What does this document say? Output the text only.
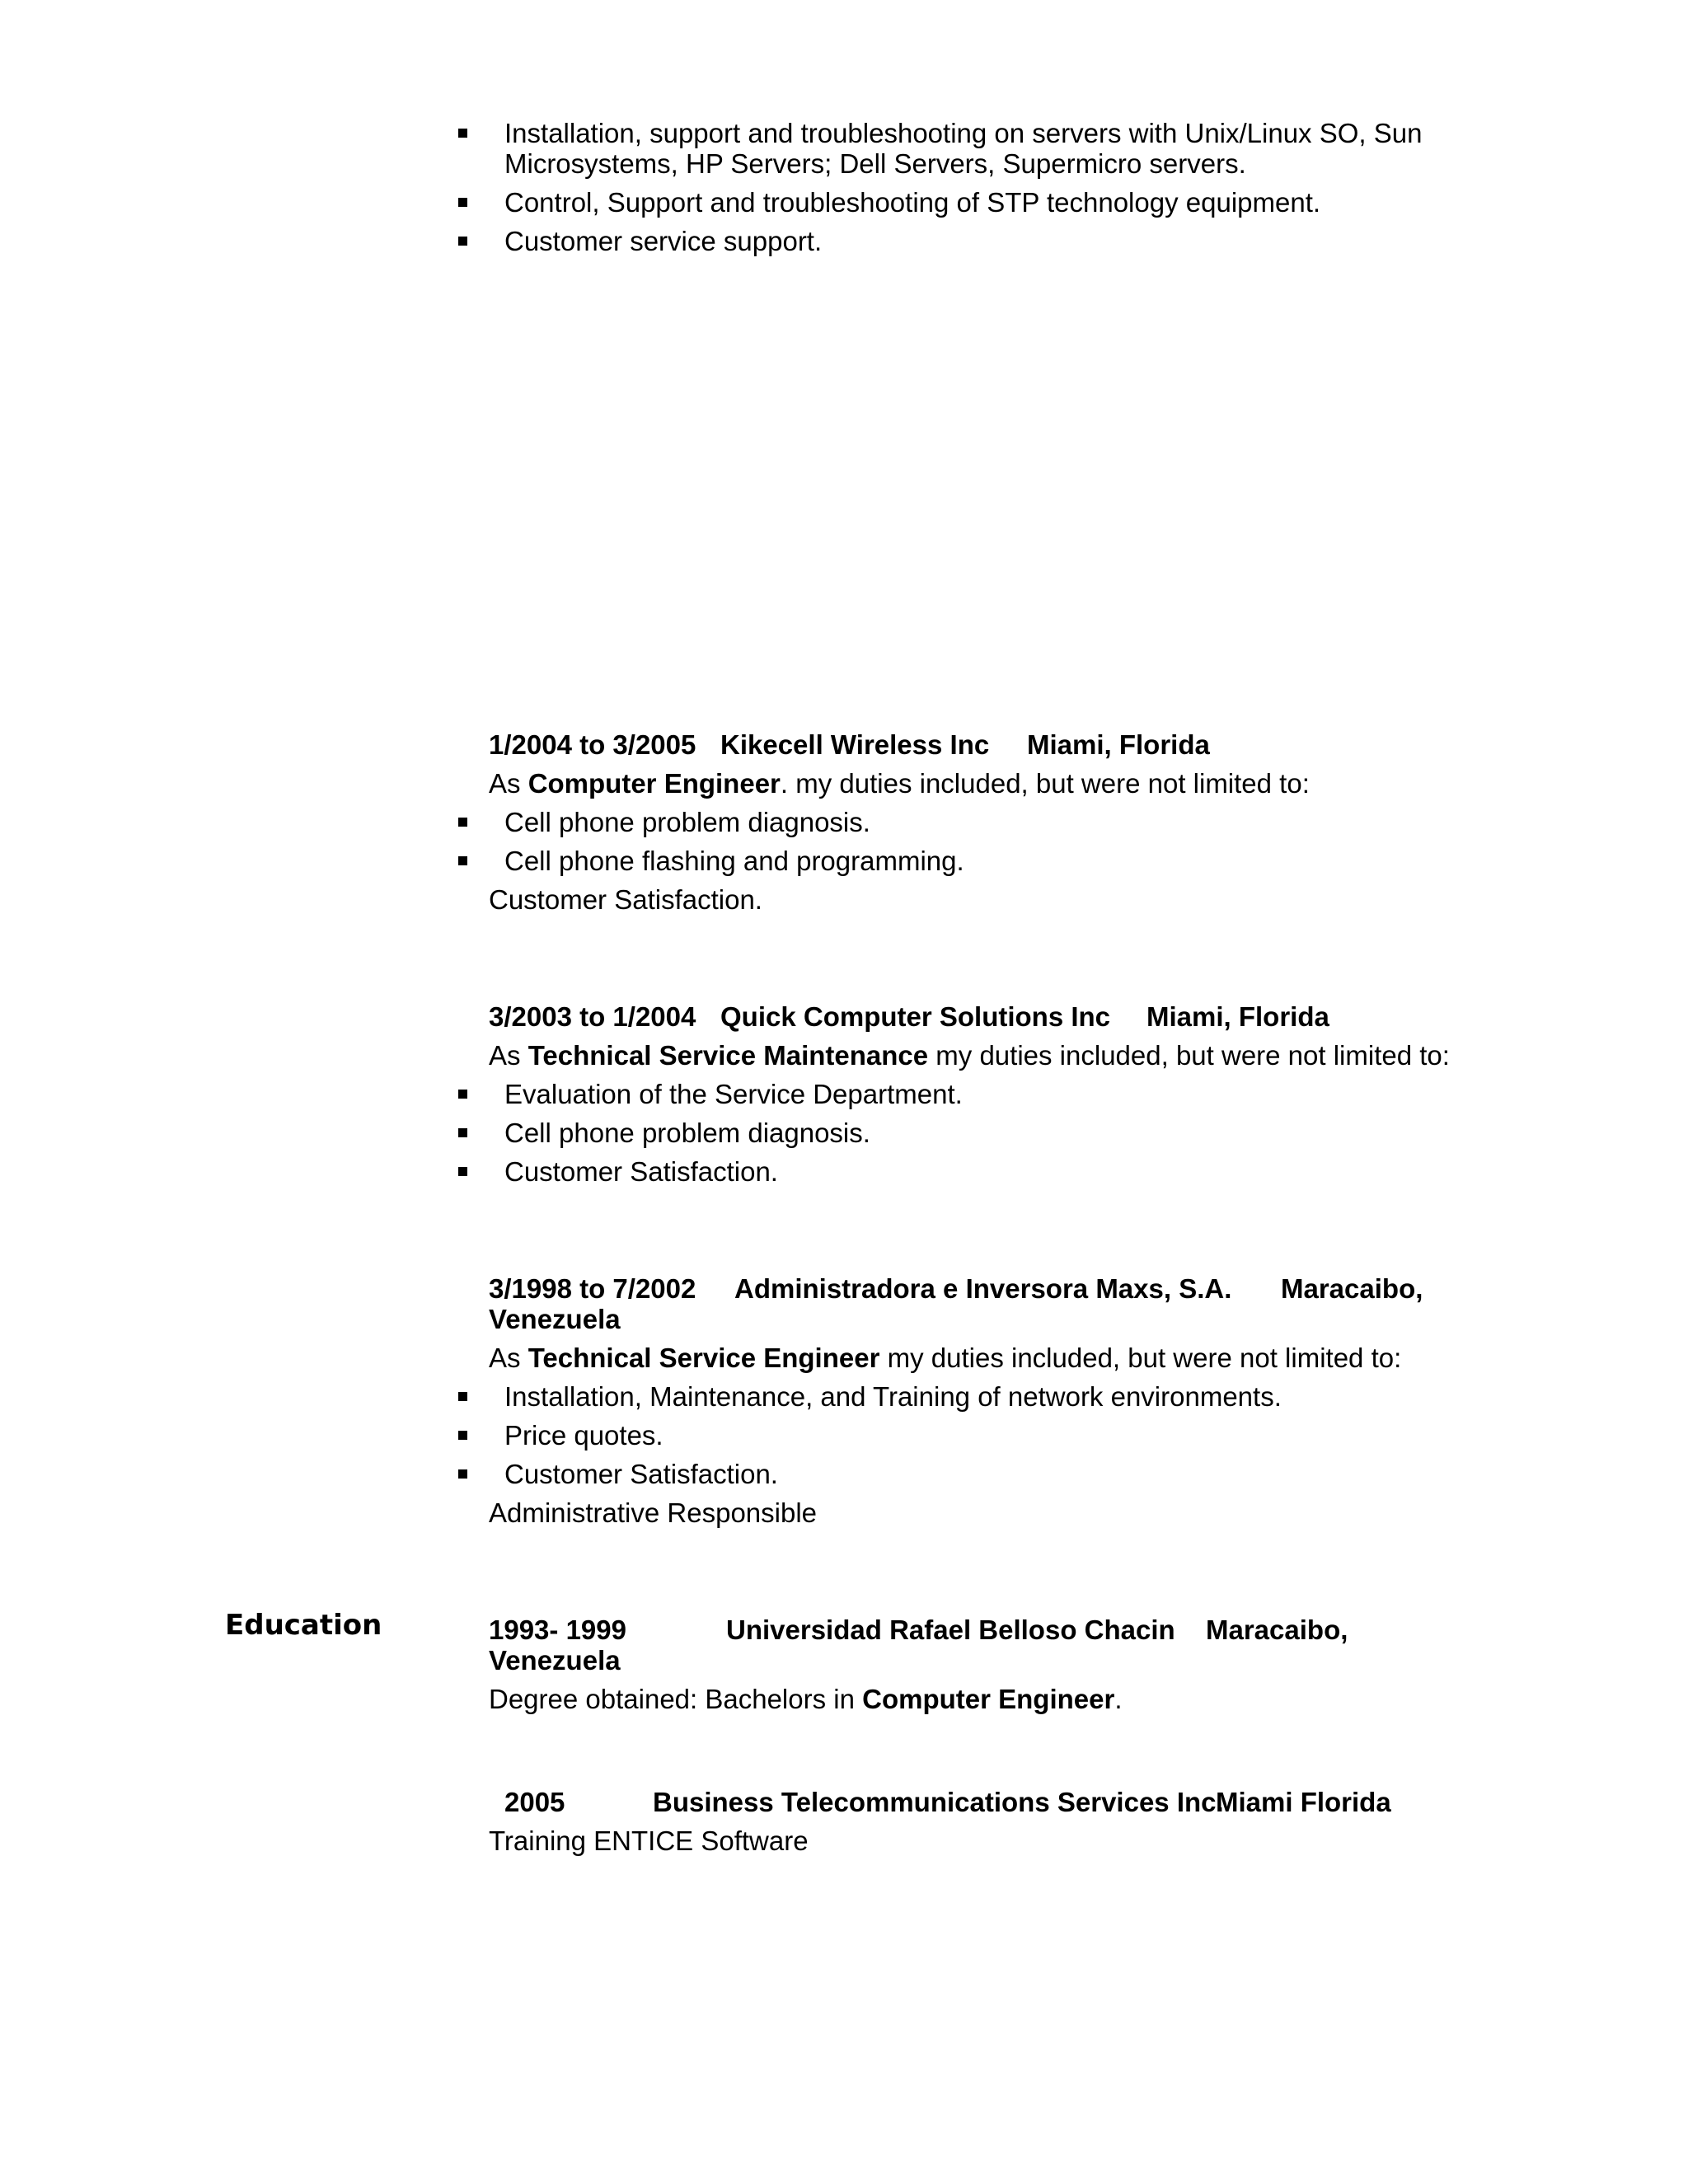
Installation, support and troubleshooting on servers with Unix/Linux SO, Sun
Microsystems, HP Servers; Dell Servers, Supermicro servers.
Control, Support and troubleshooting of STP technology equipment.
Customer service support.
1/2004 to 3/2005 Kikecell Wireless Inc Miami, Florida
As Computer Engineer. my duties included, but were not limited to:
Cell phone problem diagnosis.
Cell phone flashing and programming.
Customer Satisfaction.
3/2003 to 1/2004 Quick Computer Solutions Inc Miami, Florida
As Technical Service Maintenance my duties included, but were not limited to:
Evaluation of the Service Department.
Cell phone problem diagnosis.
Customer Satisfaction.
3/1998 to 7/2002 Administradora e Inversora Maxs, S.A. Maracaibo,
Venezuela
As Technical Service Engineer my duties included, but were not limited to:
Installation, Maintenance, and Training of network environments.
Price quotes.
Customer Satisfaction.
Administrative Responsible
Education	1993- 1999	Universidad Rafael Belloso Chacin Maracaibo,
Venezuela
Degree obtained: Bachelors in Computer Engineer.
2005	Business Telecommunications Services Inc.
Miami Florida
Training ENTICE Software
